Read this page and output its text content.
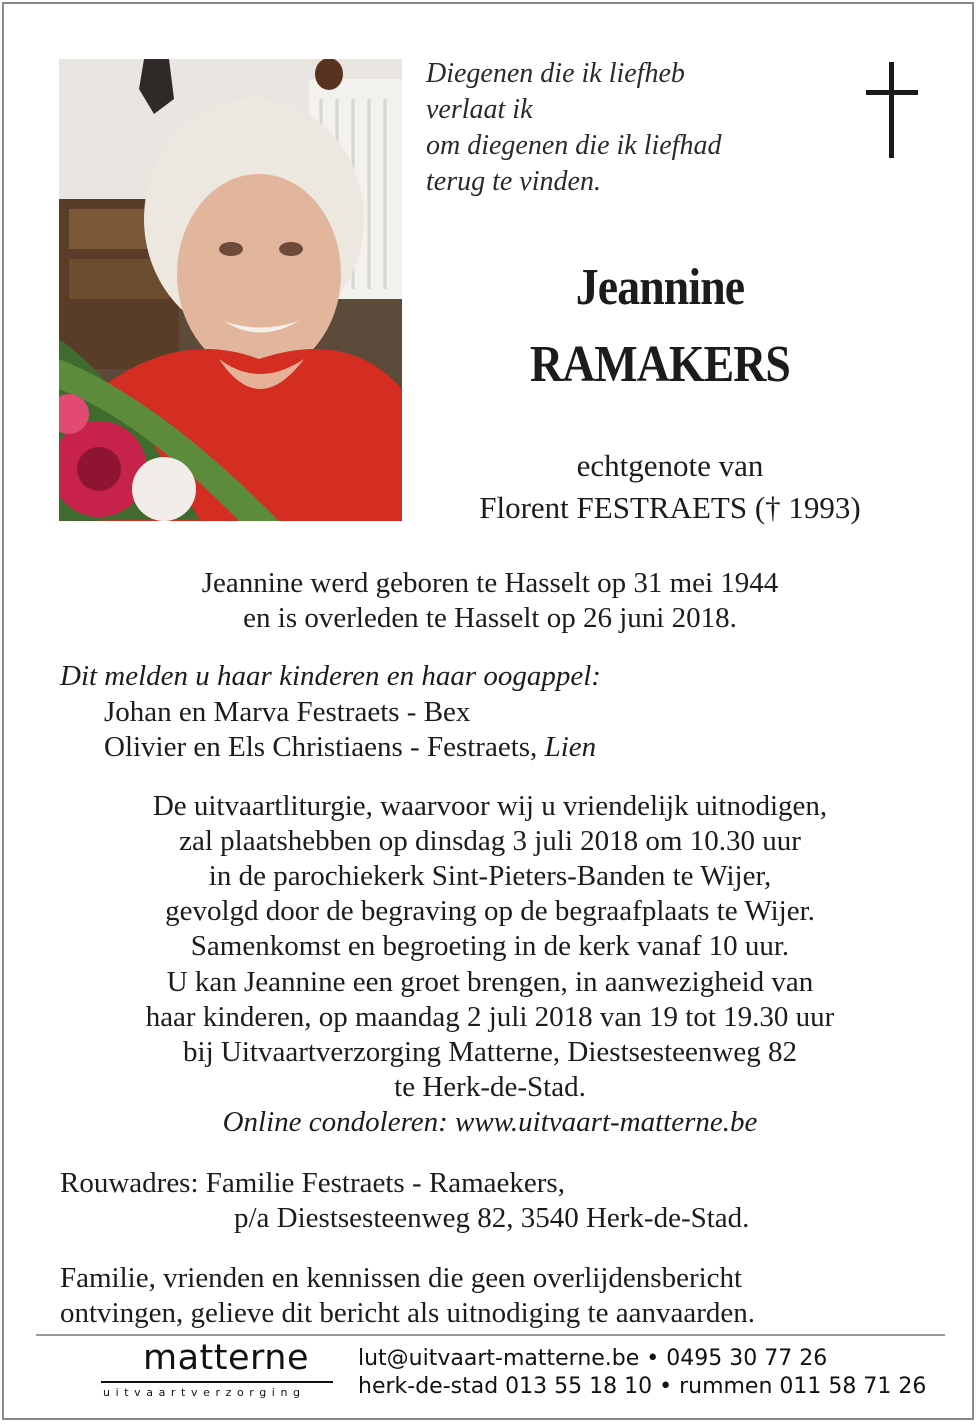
Diegenen die ik liefheb
verlaat ik
om diegenen die ik liefhad
terug te vinden.
Jeannine
RAMAKERS
echtgenote van
Florent FESTRAETS († 1993)
Jeannine werd geboren te Hasselt op 31 mei 1944
en is overleden te Hasselt op 26 juni 2018.
Dit melden u haar kinderen en haar oogappel:
Johan en Marva Festraets - Bex
Olivier en Els Christiaens - Festraets, Lien
De uitvaartliturgie, waarvoor wij u vriendelijk uitnodigen,
zal plaatshebben op dinsdag 3 juli 2018 om 10.30 uur
in de parochiekerk Sint-Pieters-Banden te Wijer,
gevolgd door de begraving op de begraafplaats te Wijer.
Samenkomst en begroeting in de kerk vanaf 10 uur.
U kan Jeannine een groet brengen, in aanwezigheid van
haar kinderen, op maandag 2 juli 2018 van 19 tot 19.30 uur
bij Uitvaartverzorging Matterne, Diestsesteenweg 82
te Herk-de-Stad.
Online condoleren: www.uitvaart-matterne.be
Rouwadres: Familie Festraets - Ramaekers,
p/a Diestsesteenweg 82, 3540 Herk-de-Stad.
Familie, vrienden en kennissen die geen overlijdensbericht
ontvingen, gelieve dit bericht als uitnodiging te aanvaarden.
matterne
uitvaartverzorging
lut@uitvaart-matterne.be • 0495 30 77 26
herk-de-stad 013 55 18 10 • rummen 011 58 71 26
